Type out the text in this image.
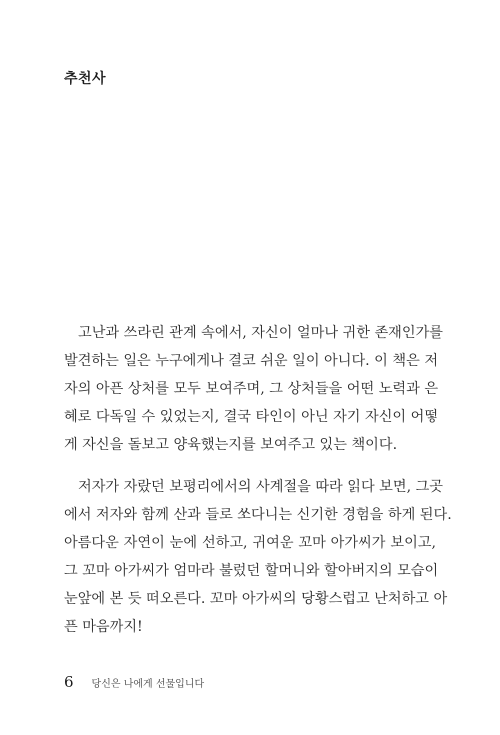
추천사
고난과 쓰라린 관계 속에서, 자신이 얼마나 귀한 존재인가를
발견하는 일은 누구에게나 결코 쉬운 일이 아니다. 이 책은 저
자의 아픈 상처를 모두 보여주며, 그 상처들을 어떤 노력과 은
혜로 다독일 수 있었는지, 결국 타인이 아닌 자기 자신이 어떻
게 자신을 돌보고 양육했는지를 보여주고 있는 책이다.
저자가 자랐던 보평리에서의 사계절을 따라 읽다 보면, 그곳
에서 저자와 함께 산과 들로 쏘다니는 신기한 경험을 하게 된다.
아름다운 자연이 눈에 선하고, 귀여운 꼬마 아가씨가 보이고,
그 꼬마 아가씨가 엄마라 불렀던 할머니와 할아버지의 모습이
눈앞에 본 듯 떠오른다. 꼬마 아가씨의 당황스럽고 난처하고 아
픈 마음까지!
6 당신은 나에게 선물입니다
